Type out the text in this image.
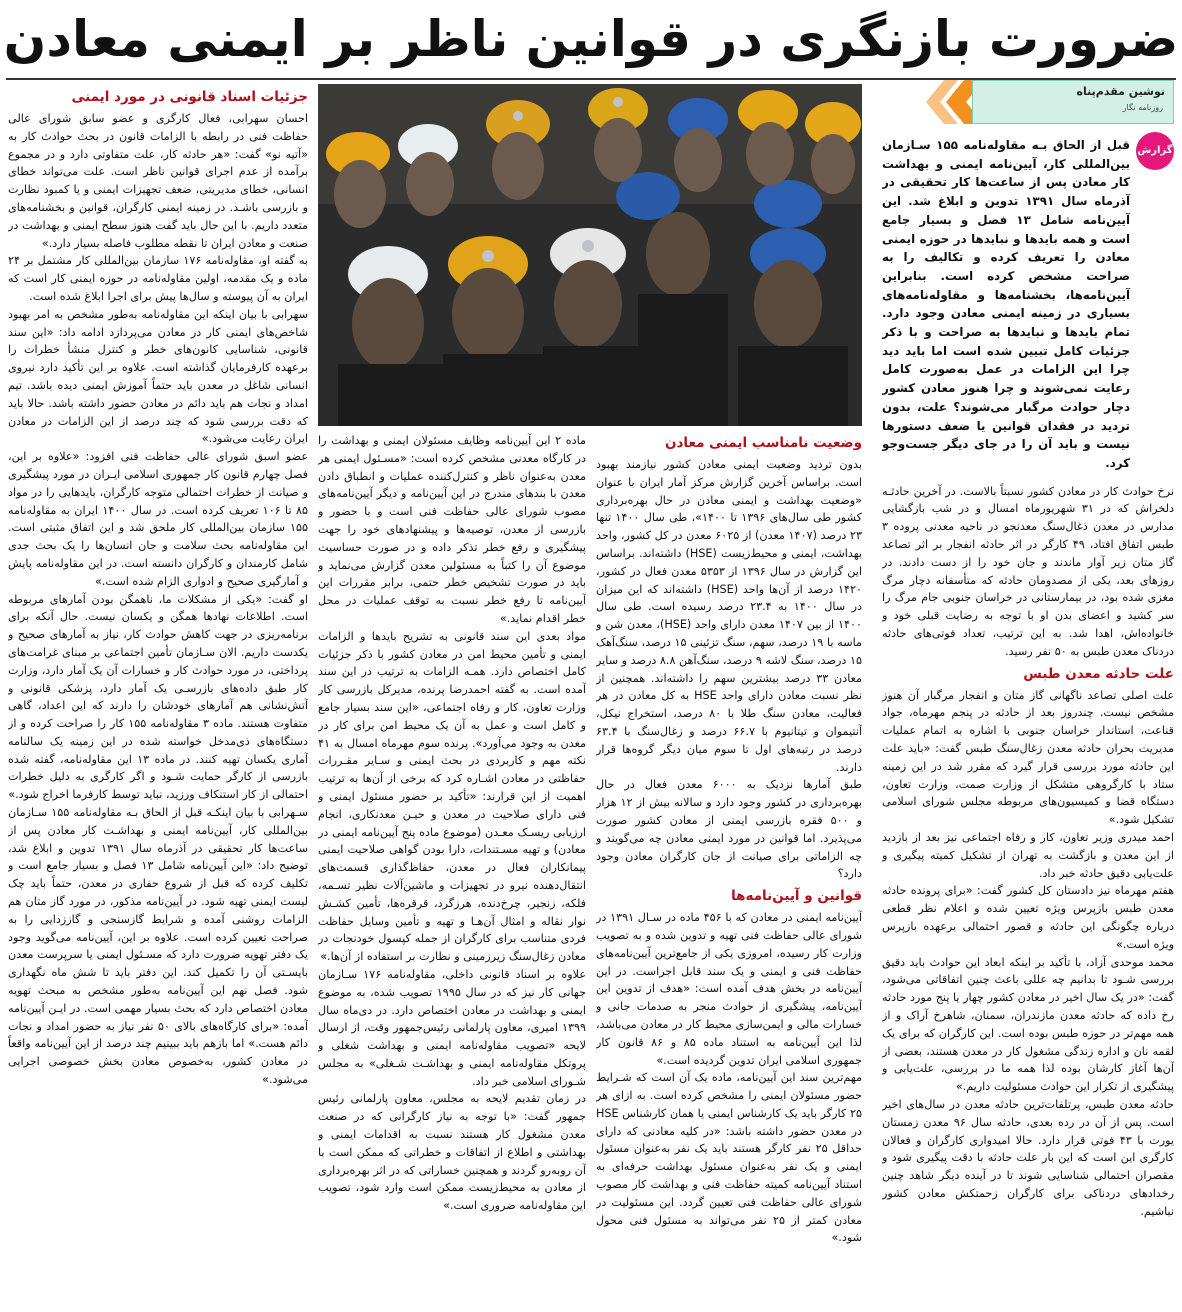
ضرورت بازنگری در قوانین ناظر بر ایمنی معادن
نوشین مقدم‌پناه
روزنامه نگار
گزارش

قبل از الحاق بـه مقاوله‌نامه ۱۵۵ سـازمان بین‌المللی کار، آیین‌نامه ایمنی و بهداشت کار معادن پس از ساعت‌ها کار تحقیقی در آذرماه سال ۱۳۹۱ تدوین و ابلاغ شد. این آیین‌نامه شامل ۱۳ فصل و بسیار جامع است و همه بایدها و نبایدها در حوزه ایمنی معادن را تعریف کرده و تکالیف را به صراحت مشخص کرده است. بنابراین آیین‌نامه‌ها، بخشنامه‌ها و مقاوله‌نامه‌های بسیاری در زمینه ایمنی معادن وجود دارد. تمام بایدها و نبایدها به صراحت و با ذکر جزئیات کامل تبیین شده است اما باید دید چرا این الزامات در عمل به‌صورت کامل رعایت نمی‌شوند و چرا هنوز معادن کشور دچار حوادث مرگبار می‌شوند؟ علت، بدون تردید در فقدان قوانین یا ضعف دستورها نیست و باید آن را در جای دیگر جست‌وجو کرد.

نرخ حوادث کار در معادن کشور نسبتاً بالاست. در آخرین حادثـه دلخراش که در ۳۱ شهریورماه امسال و در شب بازگشایی مدارس در معدن ذغال‌سنگ معدنجو در ناحیه معدنی پروده ۳ طبس اتفاق افتاد، ۴۹ کارگر در اثر حادثه انفجار بر اثر تصاعد گاز متان زیر آوار ماندند و جان خود را از دست دادند. در روزهای بعد، یکی از مصدومان حادثه که متأسفانه دچار مرگ مغزی شده بود، در بیمارستانی در خراسان جنوبی جام مرگ را سر کشید و اعضای بدن او با توجه به رضایت قبلی خود و خانواده‌اش، اهدا شد. به این ترتیب، تعداد فوتی‌های حادثه دردناک معدن طبس به ۵۰ نفر رسید.

علت حادثه معدن طبس

علت اصلی تصاعد ناگهانی گاز متان و انفجار مرگبار آن هنوز مشخص نیست. چندروز بعد از حادثه در پنجم مهرماه، جواد قناعت، استاندار خراسان جنوبی با اشاره به اتمام عملیات مدیریت بحران حادثه معدن زغال‌سنگ طبس گفت: «باید علت این حادثه مورد بررسی قرار گیرد که مقرر شد در این زمینه ستاد با کارگروهی متشکل از وزارت صمت، وزارت تعاون، دستگاه قضا و کمیسیون‌های مربوطه مجلس شورای اسلامی تشکیل شود.»

احمد میدری وزیر تعاون، کار و رفاه اجتماعی نیز بعد از بازدید از این معدن و بازگشت به تهران از تشکیل کمیته پیگیری و علت‌یابی دقیق حادثه خبر داد.

هفتم مهرماه نیز دادستان کل کشور گفت: «برای پرونده حادثه معدن طبس بازپرس ویژه تعیین شده و اعلام نظر قطعی درباره چگونگی این حادثه و قصور احتمالی برعهده بازپرس ویژه است.»

محمد موحدی آزاد، با تأکید بر اینکه ابعاد این حوادث باید دقیق بررسی شـود تا بدانیم چه عللی باعث چنین اتفاقاتی می‌شود، گفت: «در یک سال اخیر در معادن کشور چهار یا پنج مورد حادثه رخ داده که حادثه معدن مازندران، سمنان، شاهرخ آراک و از همه مهم‌تر در حوزه طبس بوده است. این کارگران که برای یک لقمه نان و اداره زندگی مشغول کار در معدن هستند، بعضی از آن‌ها آغاز کارشان بوده لذا همه ما در بررسی، علت‌یابی و پیشگیری از تکرار این حوادث مسئولیت داریم.»

حادثه معدن طبس، پرتلفات‌ترین حادثه معدن در سال‌های اخیر است. پس از آن در رده بعدی، حادثه سال ۹۶ معدن زمستان یورت با ۴۳ فوتی قرار دارد. حالا امیدواری کارگران و فعالان کارگری این است که این بار علت حادثه با دقت پیگیری شود و مقصران احتمالی شناسایی شوند تا در آینده دیگر شاهد چنین رخدادهای دردناکی برای کارگران زحمتکش معادن کشور نباشیم.

وضعیت نامناسب ایمنی معادن

بدون تردید وضعیت ایمنی معادن کشور نیازمند بهبود است. براساس آخرین گزارش مرکز آمار ایران با عنوان «وضعیت بهداشت و ایمنی معادن در حال بهره‌برداری کشور طی سال‌های ۱۳۹۶ تا ۱۴۰۰»، طی سال ۱۴۰۰ تنها ۲۳ درصد (۱۴۰۷ معدن) از ۶۰۲۵ معدن در کل کشور، واحد بهداشت، ایمنی و محیط‌زیست (HSE) داشته‌اند. براساس این گزارش در سال ۱۳۹۶ از ۵۳۵۳ معدن فعال در کشور، ۱۴۲۰ درصد از آن‌ها واحد (HSE) داشته‌اند که این میزان در سال ۱۴۰۰ به ۲۳.۴ درصد رسیده است. طی سال ۱۴۰۰ از بین ۱۴۰۷ معدن دارای واحد (HSE)، معدن شن و ماسه با ۱۹ درصد، سهم، سنگ تزئینی ۱۵ درصد، سنگ‌آهک ۱۵ درصد، سنگ لاشه ۹ درصد، سنگ‌آهن ۸.۸ درصد و سایر معادن ۳۳ درصد بیشترین سهم را داشته‌اند. همچنین از نظر نسبت معادن دارای واحد HSE به کل معادن در هر فعالیت، معادن سنگ طلا با ۸۰ درصد، استخراج نیکل، آنتیموان و تیتانیوم با ۶۶.۷ درصد و زغال‌سنگ با ۶۳.۴ درصد در رتبه‌های اول تا سوم میان دیگر گروه‌ها قرار دارند.

طبق آمارها نزدیک به ۶۰۰۰ معدن فعال در حال بهره‌برداری در کشور وجود دارد و سالانه بیش از ۱۲ هزار و ۵۰۰ فقره بازرسی ایمنی از معادن کشور صورت می‌پذیرد. اما قوانین در مورد ایمنی معادن چه می‌گویند و چه الزاماتی برای صیانت از جان کارگران معادن وجود دارد؟

قوانین و آیین‌نامه‌ها

آیین‌نامه ایمنی در معادن که با ۴۵۶ ماده در سـال ۱۳۹۱ در شورای عالی حفاظت فنی تهیه و تدوین شده و به تصویب وزارت کار رسیده، امروزی یکی از جامع‌ترین آیین‌نامه‌های حفاظت فنی و ایمنی و یک سند قابل اجراست. در این آیین‌نامه در بخش هدف آمده است: «هدف از تدوین این آیین‌نامه، پیشگیری از حوادث منجر به صدمات جانی و خسارات مالی و ایمن‌سازی محیط کار در معادن می‌باشد، لذا این آیین‌نامه به استناد ماده ۸۵ و ۸۶ قانون کار جمهوری اسلامی ایران تدوین گردیده است.»

مهم‌ترین سند این آیین‌نامه، ماده یک آن است که شـرایط حضور مسئولان ایمنی را مشخص کرده است. به ازای هر ۲۵ کارگر باید یک کارشناس ایمنی یا همان کارشناس HSE در معدن حضور داشته باشد: «در کلیه معادنی که دارای حداقل ۲۵ نفر کارگر هستند باید یک نفر به‌عنوان مسئول ایمنی و یک نفر به‌عنوان مسئول بهداشت حرفه‌ای به استناد آیین‌نامه کمیته حفاظت فنی و بهداشت کار مصوب شورای عالی حفاظت فنی تعیین گردد. این مسئولیت در معادن کمتر از ۲۵ نفر می‌تواند به مسئول فنی محول شود.»

ماده ۲ این آیین‌نامه وظایف مسئولان ایمنی و بهداشت را در کارگاه معدنی مشخص کرده است: «مسـئول ایمنی هر معدن به‌عنوان ناظر و کنترل‌کننده عملیات و انطباق دادن معدن با بندهای مندرج در این آیین‌نامه و دیگر آیین‌نامه‌های مصوب شورای عالی حفاظت فنی است و با حضور و بازرسی از معدن، توصیه‌ها و پیشنهادهای خود را جهت پیشگیری و رفع خطر تذکر داده و در صورت حساسیت موضوع آن را کتباً به مسئولین معدن گزارش می‌نماید و باید در صورت تشخیص خطر حتمی، برابر مقررات این آیین‌نامه تا رفع خطر نسبت به توقف عملیات در محل خطر اقدام نماید.»

مواد بعدی این سند قانونی به تشریح بایدها و الزامات ایمنی و تأمین محیط امن در معادن کشور با ذکر جزئیات کامل اختصاص دارد. همـه الزامات به ترتیب در این سند آمده است. به گفته احمدرضا پرنده، مدیرکل بازرسی کار وزارت تعاون، کار و رفاه اجتماعی، «این سند بسیار جامع و کامل است و عمل به آن یک محیط امن برای کار در معدن به وجود می‌آورد». پرنده سوم مهرماه امسال به ۴۱ نکته مهم و کاربردی در بحث ایمنی و سـایر مقـررات حفاظتی در معادن اشـاره کرد که برخی از آن‌ها به ترتیب اهمیت از این قرارند: «تأکید بر حضور مسئول ایمنی و فنی دارای صلاحیت در معدن و حیـن معدنکاری، انجام ارزیابی ریسـک معـدن (موضوع ماده پنج آیین‌نامه ایمنی در معادن) و تهیه مسـتندات، دارا بودن گواهی صلاحیت ایمنی پیمانکاران فعال در معدن، حفاظ‌گذاری قسمت‌های انتقال‌دهنده نیرو در تجهیزات و ماشین‌آلات نظیر تسـمه، فلکه، زنجیر، چرخ‌دنده، هرزگرد، قرقره‌ها، تأمین کشـش نوار نقاله و امثال آن‌هـا و تهیه و تأمین وسایل حفاظت فردی متناسب برای کارگران از جمله کپسول خودنجات در معادن زغال‌سنگ زیرزمینی و نظارت بر استفاده از آن‌ها.»

علاوه بر اسناد قانونی داخلی، مقاوله‌نامه ۱۷۶ سـازمان جهانی کار نیز که در سال ۱۹۹۵ تصویب شده، به موضوع ایمنی و بهداشت در معادن اختصاص دارد. در دی‌ماه سال ۱۳۹۹ امیری، معاون پارلمانی رئیس‌جمهور وقت، از ارسال لایحه «تصویب مقاوله‌نامه ایمنی و بهداشت شغلی و پروتکل مقاوله‌نامه ایمنی و بهداشـت شـغلی» به مجلس شـورای اسلامی خبر داد.

در زمان تقدیم لایحه به مجلس، معاون پارلمانی رئیس جمهور گفت: «با توجه به نیاز کارگرانی که در صنعت معدن مشغول کار هستند نسبت به اقدامات ایمنی و بهداشتی و اطلاع از اتفاقات و خطراتی که ممکن است با آن روبه‌رو گردند و همچنین خساراتی که در اثر بهره‌برداری از معادن به محیط‌زیست ممکن است وارد شود، تصویب این مقاوله‌نامه ضروری است.»

جزئیات اسناد قانونی در مورد ایمنی

احسان سهرابی، فعال کارگری و عضو سابق شورای عالی حفاظت فنی در رابطه با الزامات قانون در بحث حوادث کار به «آتیه نو» گفت: «هر حادثه کار، علت متفاوتی دارد و در مجموع برآمده از عدم اجرای قوانین ناظر است. علت می‌تواند خطای انسانی، خطای مدیریتی، ضعف تجهیزات ایمنی و یا کمبود نظارت و بازرسی باشـد. در زمینه ایمنی کارگران، قوانین و بخشنامه‌های متعدد داریم. با این حال باید گفت هنوز سطح ایمنی و بهداشت در صنعت و معادن ایران تا نقطه مطلوب فاصله بسیار دارد.»

به گفته او، مقاوله‌نامه ۱۷۶ سازمان بین‌المللی کار مشتمل بر ۲۴ ماده و یک مقدمه، اولین مقاوله‌نامه در حوزه ایمنی کار است که ایران به آن پیوسته و سال‌ها پیش برای اجرا ابلاغ شده است.

سهرابی با بیان اینکه این مقاوله‌نامه به‌طور مشخص به امر بهبود شاخص‌های ایمنی کار در معادن می‌پردازد ادامه داد: «این سند قانونی، شناسایی کانون‌های خطر و کنترل منشأ خطرات را برعهده کارفرمایان گذاشته است. علاوه بر این تأکید دارد نیروی انسانی شاغل در معدن باید حتماً آموزش ایمنی دیده باشد. تیم امداد و نجات هم باید دائم در معادن حضور داشته باشد. حالا باید که دقت بررسی شود که چند درصد از این الزامات در معادن ایران رعایت می‌شود.»

عضو اسبق شورای عالی حفاظت فنی افزود: «علاوه بر این، فصل چهارم قانون کار جمهوری اسلامی ایـران در مورد پیشگیری و صیانت از خطرات احتمالی متوجه کارگران، بایدهایی را در مواد ۸۵ تا ۱۰۶ تعریف کرده است. در سال ۱۴۰۰ ایران به مقاوله‌نامه ۱۵۵ سازمان بین‌المللی کار ملحق شد و این اتفاق مثبتی است. این مقاوله‌نامه بحث سلامت و جان انسان‌ها را یک بحث جدی شامل کارمندان و کارگران دانسته است. در این مقاوله‌نامه پایش و آمارگیری صحیح و ادواری الزام شده است.»

او گفت: «یکی از مشکلات ما، ناهمگن بودن آمارهای مربوطه است. اطلاعات نهادها همگن و یکسان نیست. حال آنکه برای برنامه‌ریزی در جهت کاهش حوادث کار، نیاز به آمارهای صحیح و یکدست داریم. الان سـازمان تأمین اجتماعی بر مبنای غرامت‌های پرداختی، در مورد حوادث کار و خسارات آن یک آمار دارد، وزارت کار طبق داده‌های بازرسـی یک آمار دارد، پزشکی قانونی و آتش‌نشانی هم آمارهای خودشان را دارند که این اعداد، گاهی متفاوت هستند. ماده ۳ مقاوله‌نامه ۱۵۵ کار را صراحت کرده و از دستگاه‌های ذی‌مدخل خواسته شده در این زمینه یک سالنامه آماری یکسان تهیه کنند. در ماده ۱۳ این مقاوله‌نامه، گفته شده بازرسی از کارگر حمایت شـود و اگر کارگری به دلیل خطرات احتمالی از کار استنکاف ورزید، نباید توسط کارفرما اخراج شود.»

سـهرابی با بیان اینکـه قبل از الحاق بـه مقاوله‌نامه ۱۵۵ سـازمان بین‌المللی کار، آیین‌نامه ایمنی و بهداشـت کار معادن پس از ساعت‌ها کار تحقیقی در آذرماه سال ۱۳۹۱ تدوین و ابلاغ شد، توضیح داد: «این آیین‌نامه شامل ۱۳ فصل و بسیار جامع است و تکلیف کرده که قبل از شروع حفاری در معدن، حتماً باید چک لیست ایمنی تهیه شود. در آیین‌نامه مذکور، در مورد گاز متان هم الزامات روشنی آمده و شرایط گازسنجی و گاززدایی را به صراحت تعیین کرده است. علاوه بر این، آیین‌نامه می‌گوید وجود یک دفتر تهویه ضرورت دارد که مسـئول ایمنی یا سرپرست معدن بایسـتی آن را تکمیل کند. این دفتر باید تا شش ماه نگهداری شود. فصل نهم این آیین‌نامه به‌طور مشخص به مبحث تهویه معادن اختصاص دارد که بحث بسیار مهمی است. در ایـن آیین‌نامه آمده: «برای کارگاه‌های بالای ۵۰ نفر نیاز به حضور امداد و نجات دائم هست.» اما بازهم باید ببینیم چند درصد از این آیین‌نامه واقعاً در معادن کشور، به‌خصوص معادن بخش خصوصی اجرایی می‌شود.»
